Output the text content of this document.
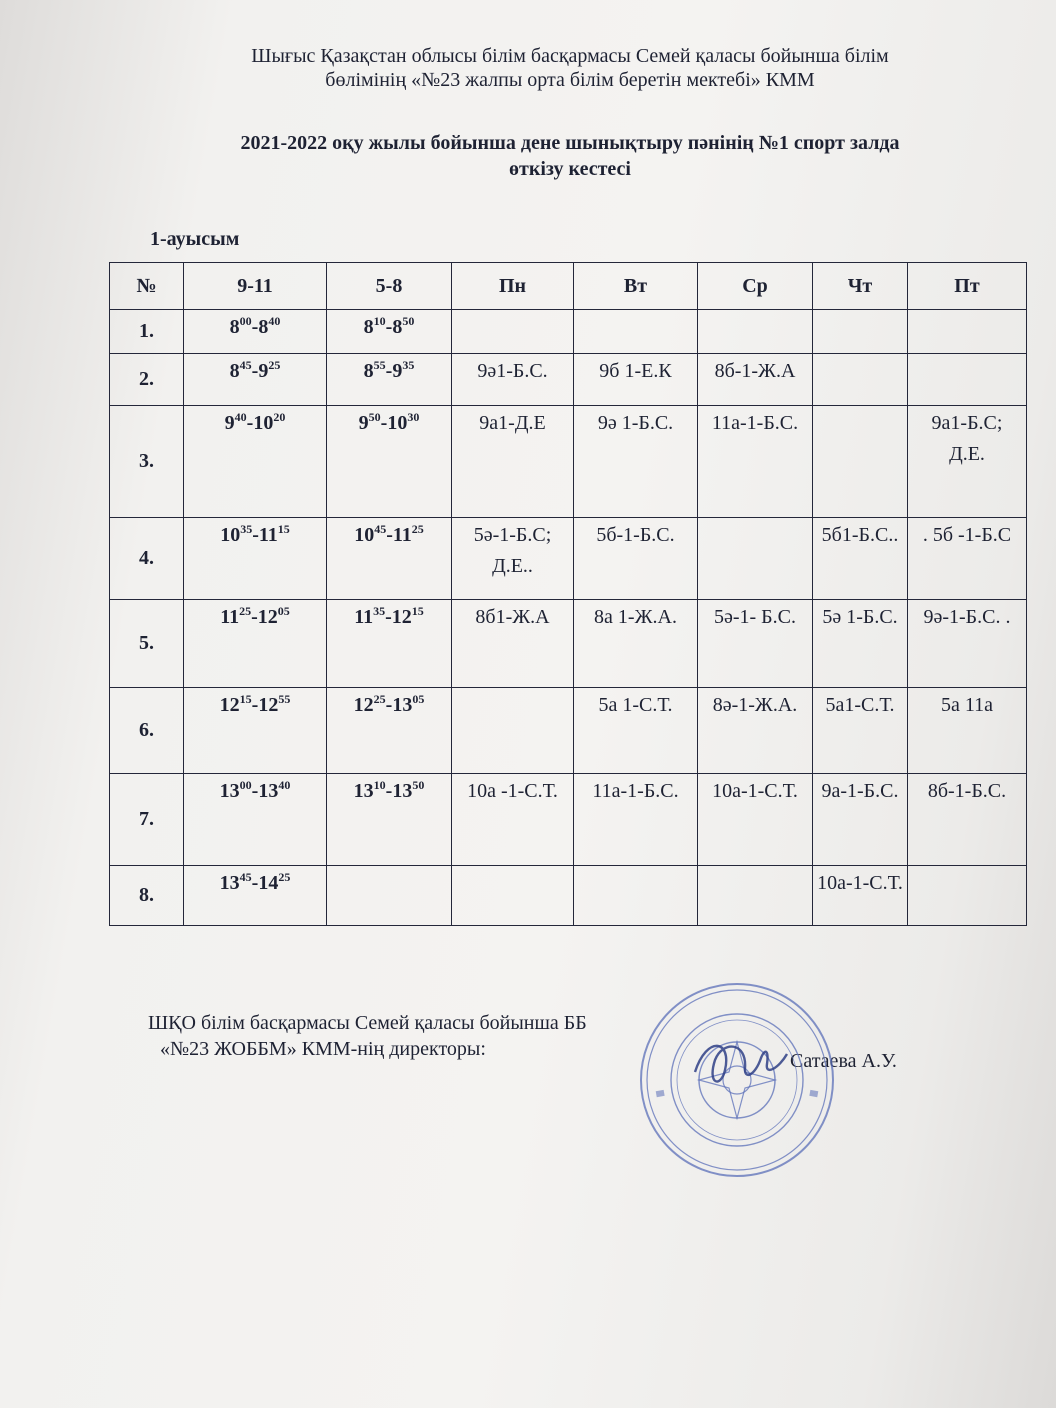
Шығыс Қазақстан облысы білім басқармасы Семей қаласы бойынша білім

бөлімінің «№23 жалпы орта білім беретін мектебі» КММ

2021-2022 оқу жылы бойынша дене шынықтыру пәнінің №1 спорт залда

өткізу кестесі

1-ауысым
№	9-11	5-8	Пн	Вт	Ср	Чт	Пт
1.	$8^{00}-8^{40}$	$8^{10}-8^{50}$					
2.	$8^{45}-9^{25}$	$8^{55}-9^{35}$	9ә1-Б.С.	9б 1-Е.К	8б-1-Ж.А		
3.	$9^{40}-10^{20}$	$9^{50}-10^{30}$	9а1-Д.Е	9ә 1-Б.С.	11а-1-Б.С.		9а1-Б.С; Д.Е.
4.	$10^{35}-11^{15}$	$10^{45}-11^{25}$	5ә-1-Б.С; Д.Е..	5б-1-Б.С.		5б1-Б.С..	. 5б -1-Б.С
5.	$11^{25}-12^{05}$	$11^{35}-12^{15}$	8б1-Ж.А	8а 1-Ж.А.	5ә-1- Б.С.	5ә 1-Б.С.	9ә-1-Б.С. .
6.	$12^{15}-12^{55}$	$12^{25}-13^{05}$		5а 1-С.Т.	8ә-1-Ж.А.	5а1-С.Т.	5а 11а
7.	$13^{00}-13^{40}$	$13^{10}-13^{50}$	10а -1-С.Т.	11а-1-Б.С.	10а-1-С.Т.	9а-1-Б.С.	8б-1-Б.С.
8.	$13^{45}-14^{25}$					10а-1-С.Т.	

ШҚО білім басқармасы Семей қаласы бойынша ББ

«№23 ЖОББМ» КММ-нің директоры:

Сатаева А.У.
